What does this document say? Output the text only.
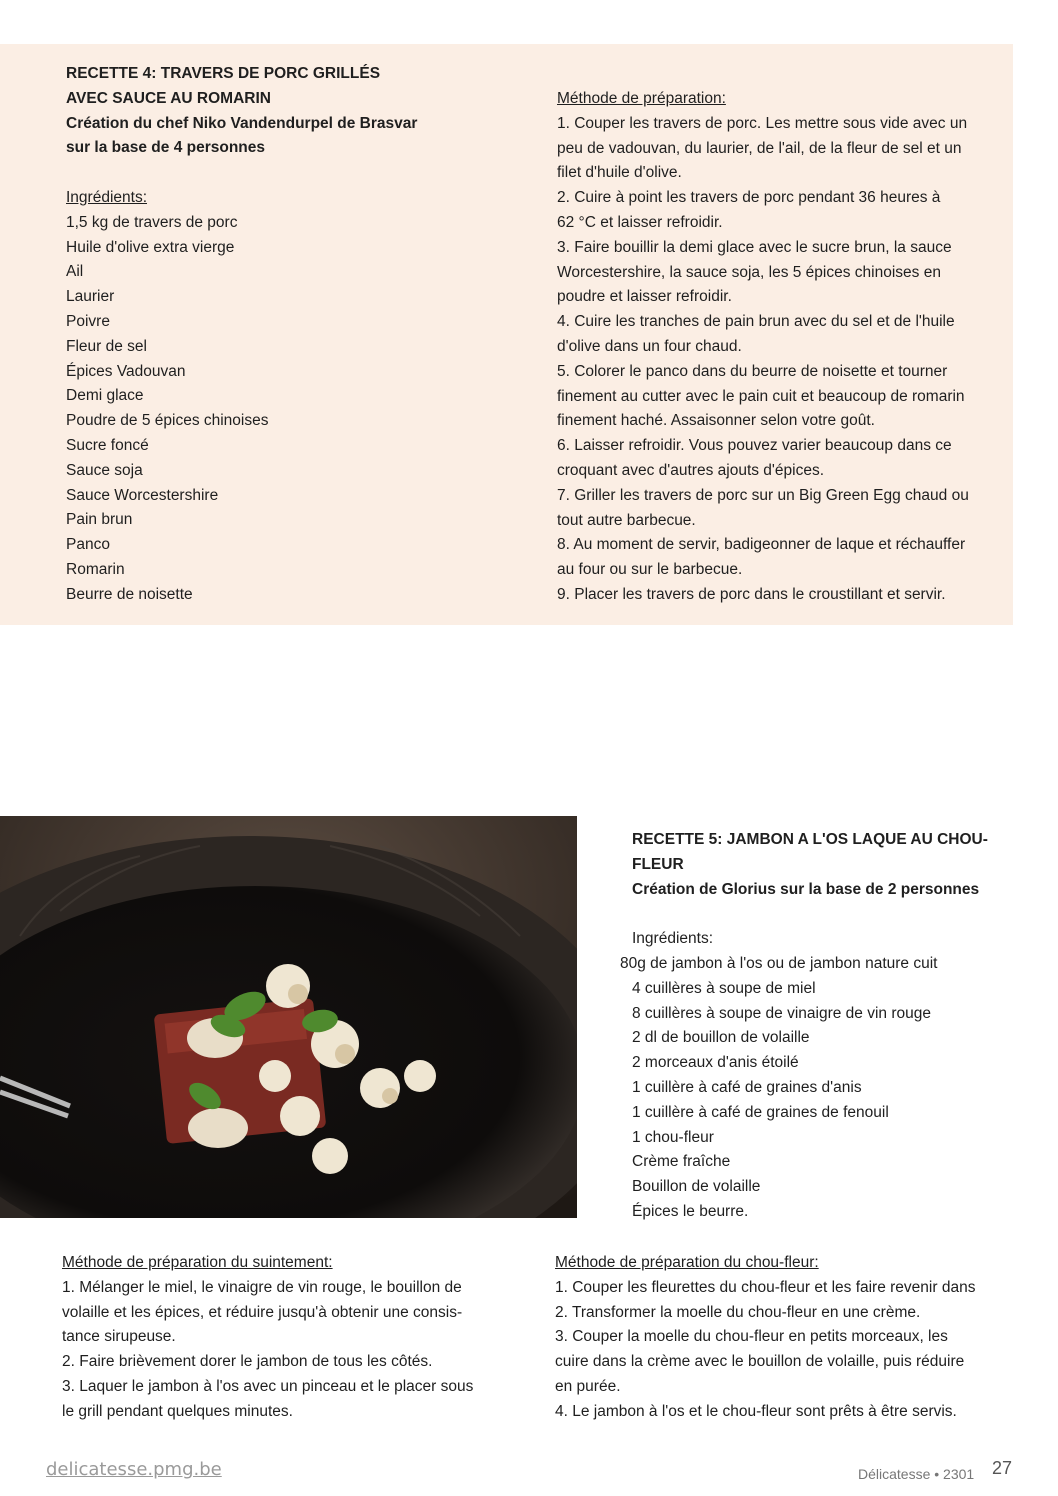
RECETTE 4: TRAVERS DE PORC GRILLÉS
AVEC SAUCE AU ROMARIN
Création du chef Niko Vandendurpel de Brasvar
sur la base de 4 personnes
Ingrédients:
1,5 kg de travers de porc
Huile d'olive extra vierge
Ail
Laurier
Poivre
Fleur de sel
Épices Vadouvan
Demi glace
Poudre de 5 épices chinoises
Sucre foncé
Sauce soja
Sauce Worcestershire
Pain brun
Panco
Romarin
Beurre de noisette
Méthode de préparation:
1. Couper les travers de porc. Les mettre sous vide avec un
peu de vadouvan, du laurier, de l'ail, de la fleur de sel et un
filet d'huile d'olive.
2. Cuire à point les travers de porc pendant 36 heures à
62 °C et laisser refroidir.
3. Faire bouillir la demi glace avec le sucre brun, la sauce
Worcestershire, la sauce soja, les 5 épices chinoises en
poudre et laisser refroidir.
4. Cuire les tranches de pain brun avec du sel et de l'huile
d'olive dans un four chaud.
5. Colorer le panco dans du beurre de noisette et tourner
finement au cutter avec le pain cuit et beaucoup de romarin
finement haché. Assaisonner selon votre goût.
6. Laisser refroidir. Vous pouvez varier beaucoup dans ce
croquant avec d'autres ajouts d'épices.
7. Griller les travers de porc sur un Big Green Egg chaud ou
tout autre barbecue.
8. Au moment de servir, badigeonner de laque et réchauffer
au four ou sur le barbecue.
9. Placer les travers de porc dans le croustillant et servir.
RECETTE 5: JAMBON A L'OS LAQUE AU CHOU-
FLEUR
Création de Glorius sur la base de 2 personnes
Ingrédients:
80g de jambon à l'os ou de jambon nature cuit
4 cuillères à soupe de miel
8 cuillères à soupe de vinaigre de vin rouge
2 dl de bouillon de volaille
2 morceaux d'anis étoilé
1 cuillère à café de graines d'anis
1 cuillère à café de graines de fenouil
1 chou-fleur
Crème fraîche
Bouillon de volaille
Épices le beurre.
Méthode de préparation du suintement:
1. Mélanger le miel, le vinaigre de vin rouge, le bouillon de
volaille et les épices, et réduire jusqu'à obtenir une consis-
tance sirupeuse.
2. Faire brièvement dorer le jambon de tous les côtés.
3. Laquer le jambon à l'os avec un pinceau et le placer sous
le grill pendant quelques minutes.
Méthode de préparation du chou-fleur:
1. Couper les fleurettes du chou-fleur et les faire revenir dans
2. Transformer la moelle du chou-fleur en une crème.
3. Couper la moelle du chou-fleur en petits morceaux, les
cuire dans la crème avec le bouillon de volaille, puis réduire
en purée.
4. Le jambon à l'os et le chou-fleur sont prêts à être servis.
delicatesse.pmg.be	Délicatesse • 2301 27
